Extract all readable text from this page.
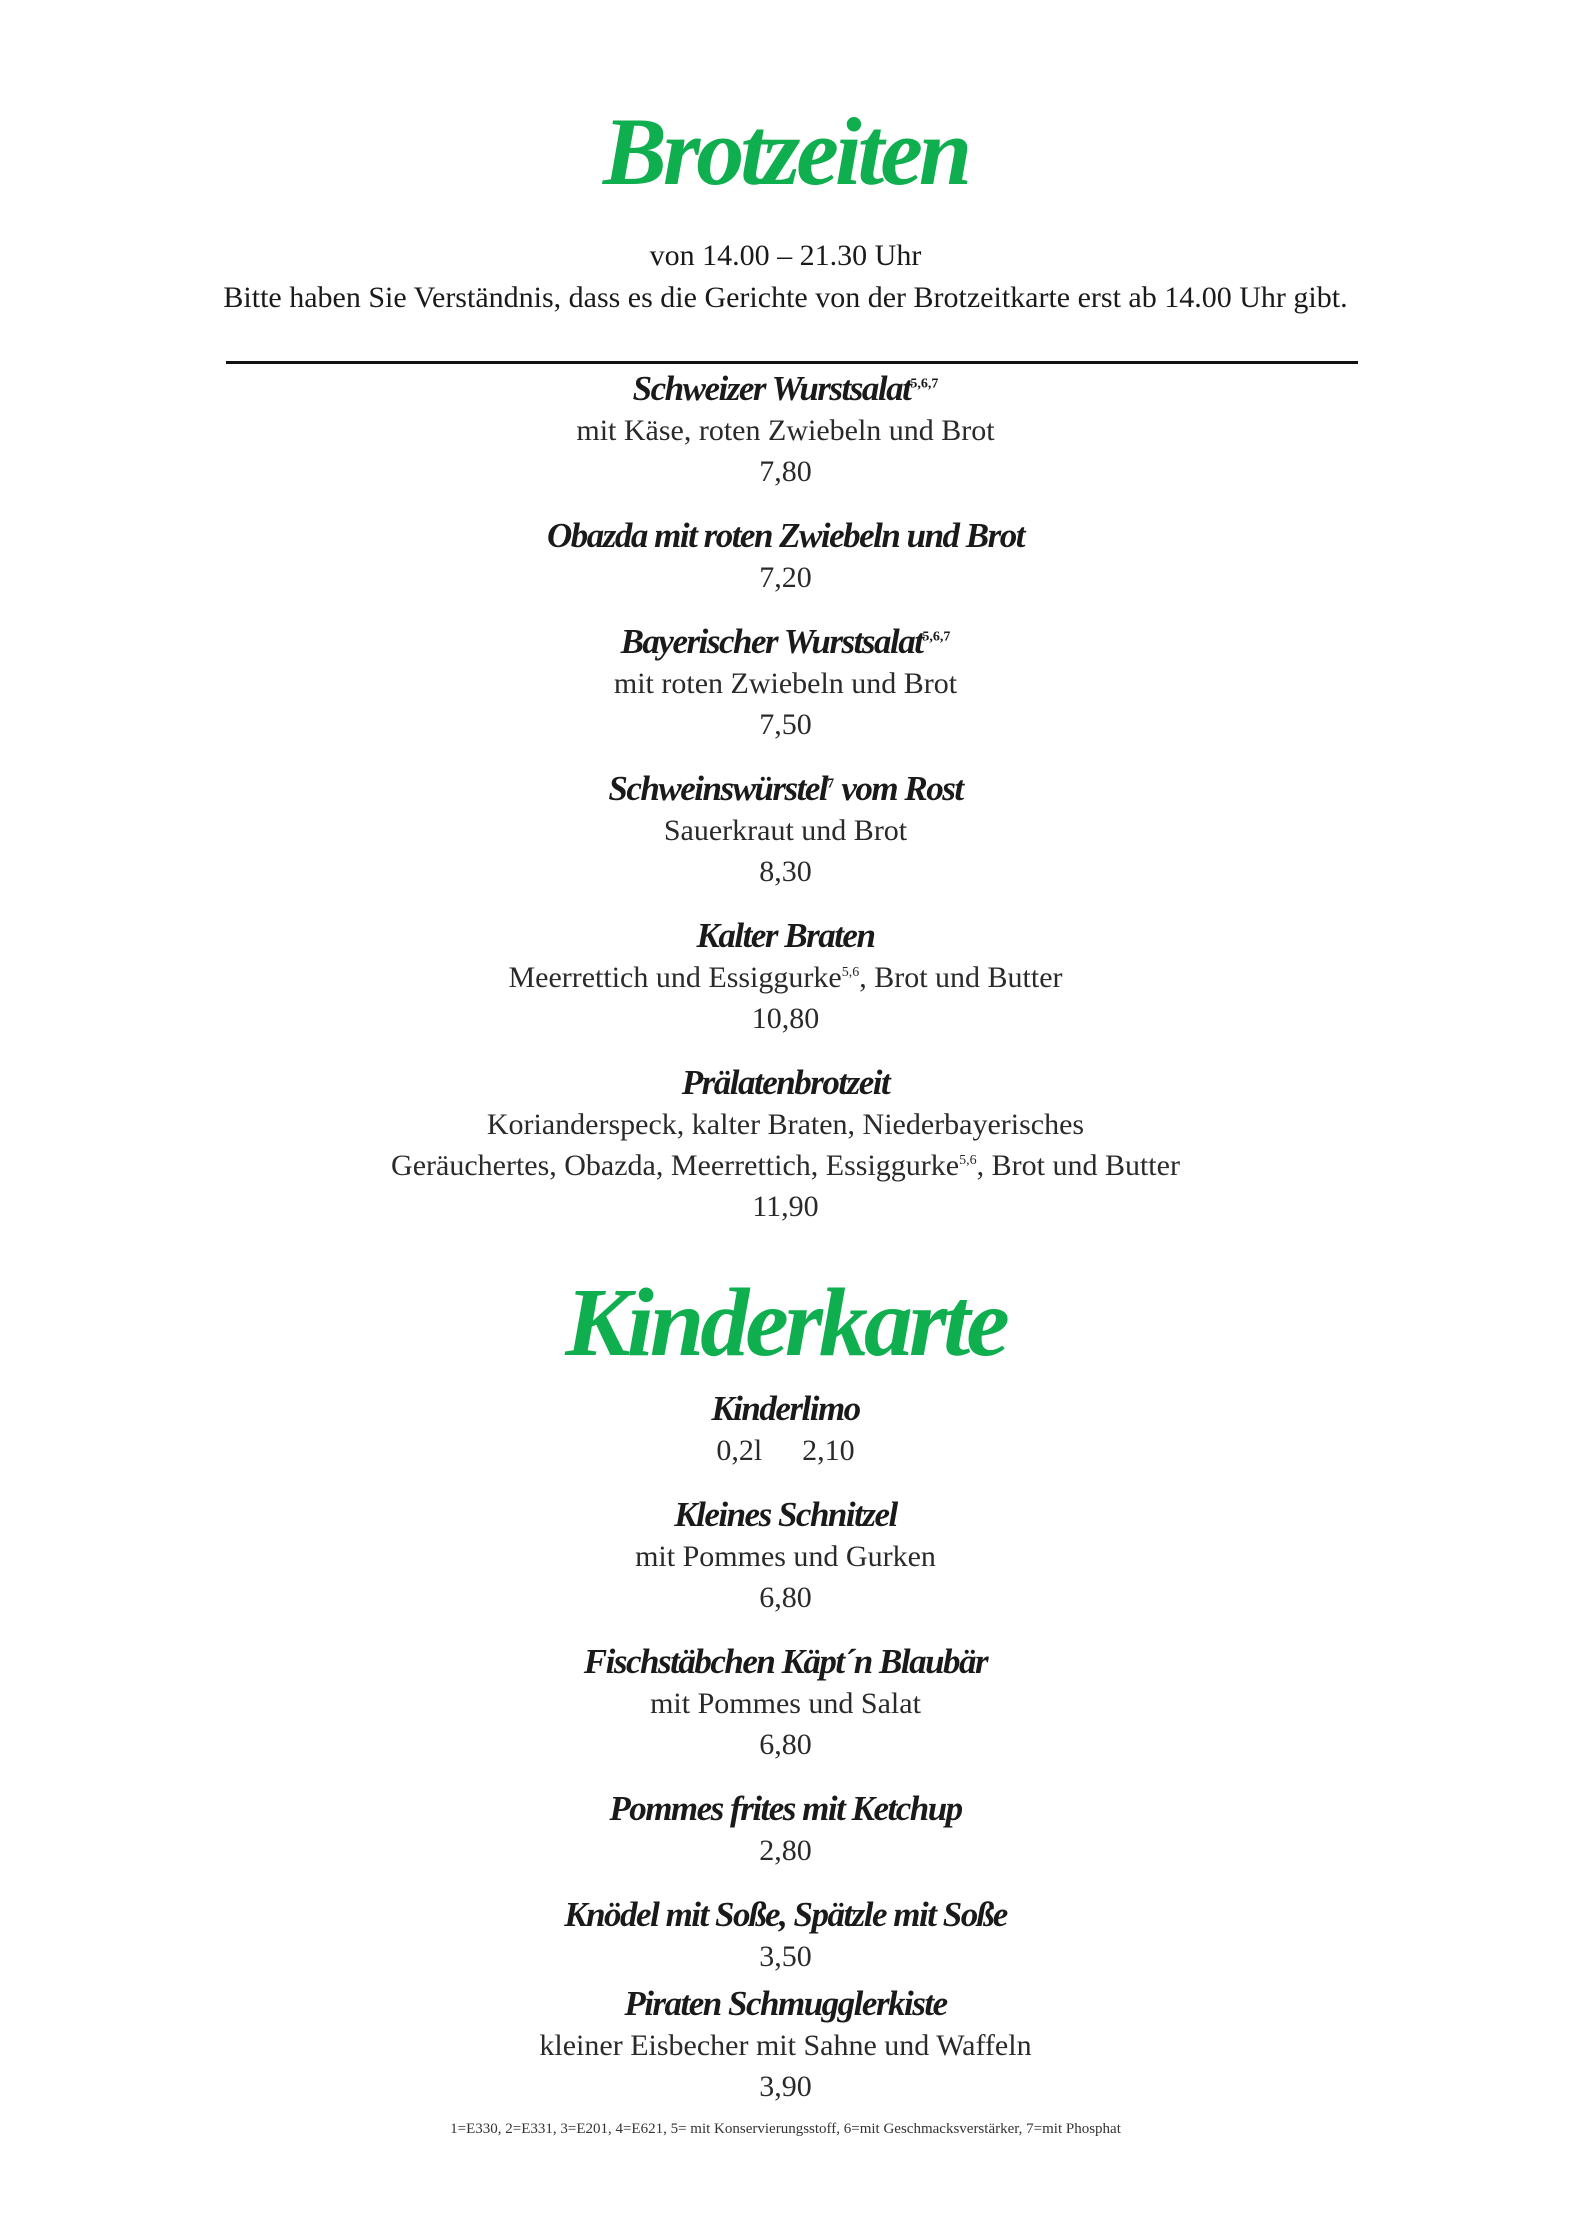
Brotzeiten
von 14.00 – 21.30 Uhr
Bitte haben Sie Verständnis, dass es die Gerichte von der Brotzeitkarte erst ab 14.00 Uhr gibt.
Schweizer Wurstsalat$^{5,6,7}$
mit Käse, roten Zwiebeln und Brot
7,80
Obazda mit roten Zwiebeln und Brot
7,20
Bayerischer Wurstsalat$^{5,6,7}$
mit roten Zwiebeln und Brot
7,50
Schweinswürstel$^7$ vom Rost
Sauerkraut und Brot
8,30
Kalter Braten
Meerrettich und Essiggurke$^{5,6}$, Brot und Butter
10,80
Prälatenbrotzeit
Korianderspeck, kalter Braten, Niederbayerisches
Geräuchertes, Obazda, Meerrettich, Essiggurke$^{5,6}$, Brot und Butter
11,90
Kinderkarte
Kinderlimo
0,2l 2,10
Kleines Schnitzel
mit Pommes und Gurken
6,80
Fischstäbchen Käpt´n Blaubär
mit Pommes und Salat
6,80
Pommes frites mit Ketchup
2,80
Knödel mit Soße, Spätzle mit Soße
3,50
Piraten Schmugglerkiste
kleiner Eisbecher mit Sahne und Waffeln
3,90
1=E330, 2=E331, 3=E201, 4=E621, 5= mit Konservierungsstoff, 6=mit Geschmacksverstärker, 7=mit Phosphat
